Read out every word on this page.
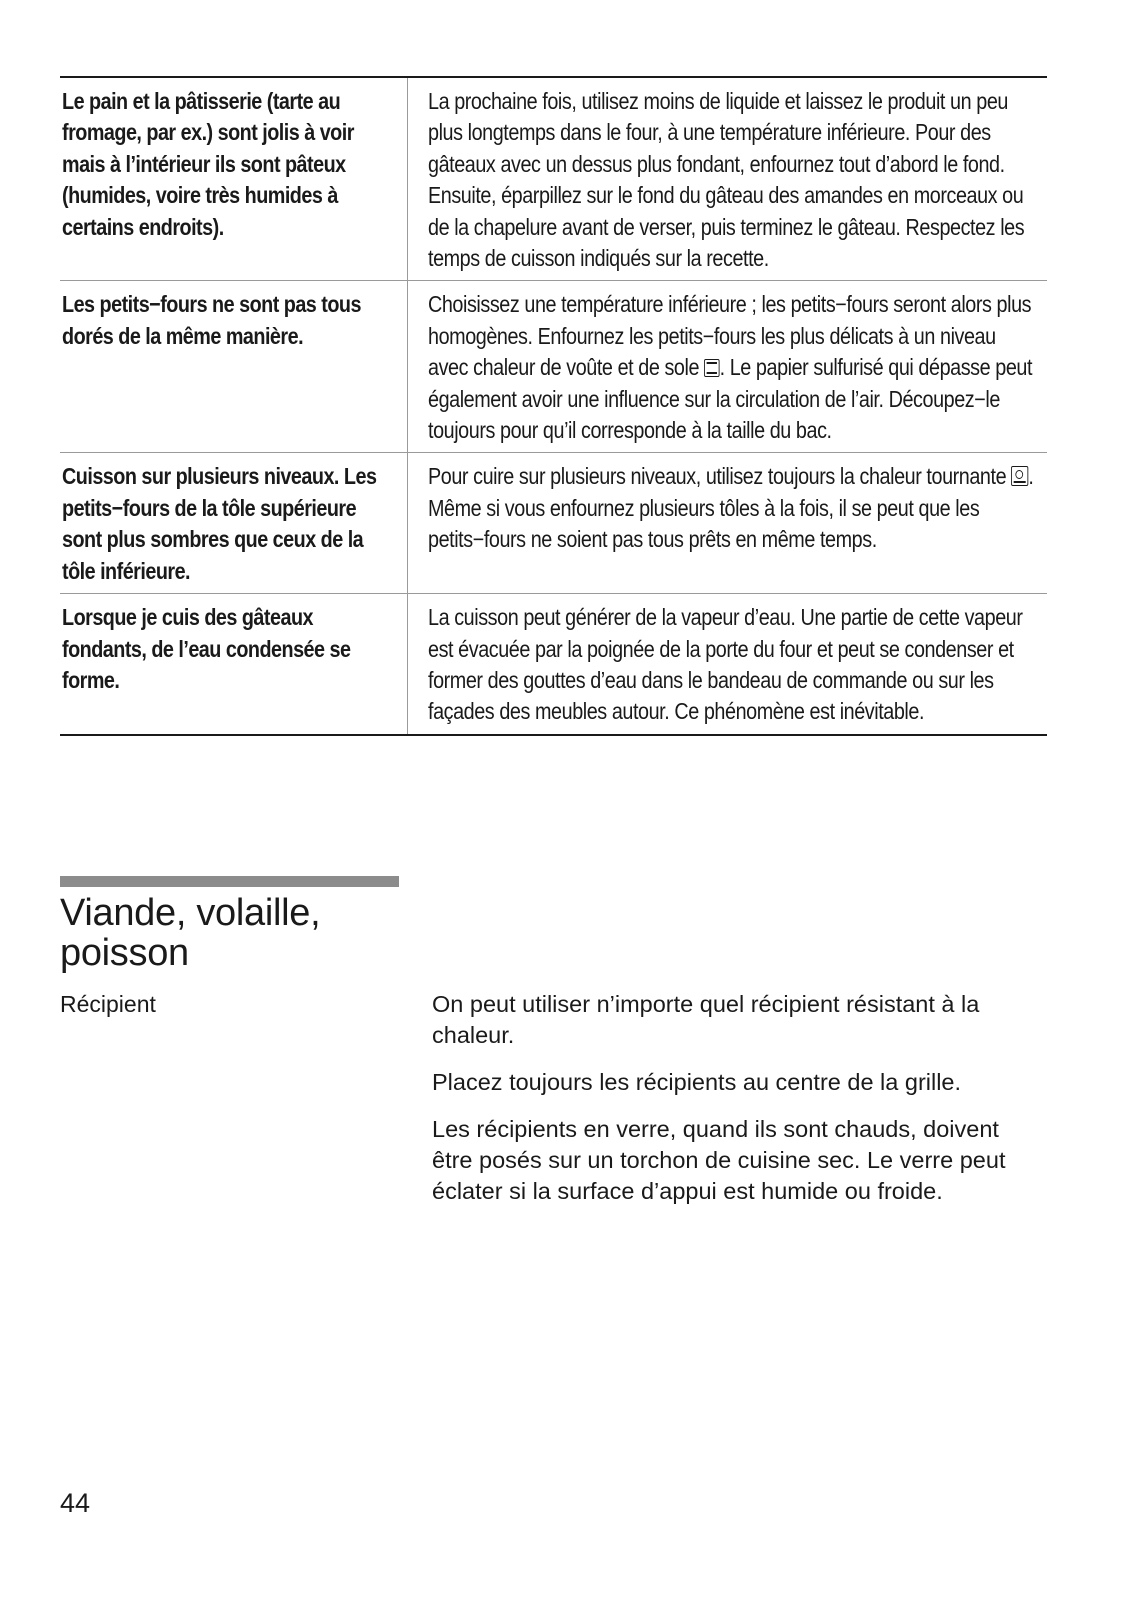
Le pain et la pâtisserie (tarte au fromage, par ex.) sont jolis à voir mais à l’intérieur ils sont pâteux (humides, voire très humides à certains endroits).
La prochaine fois, utilisez moins de liquide et laissez le produit un peu plus longtemps dans le four, à une température inférieure. Pour des gâteaux avec un dessus plus fondant, enfournez tout d’abord le fond. Ensuite, éparpillez sur le fond du gâteau des amandes en morceaux ou de la chapelure avant de verser, puis terminez le gâteau. Respectez les temps de cuisson indiqués sur la recette.
Les petits−fours ne sont pas tous dorés de la même manière.
Choisissez une température inférieure ; les petits−fours seront alors plus homogènes. Enfournez les petits−fours les plus délicats à un niveau avec chaleur de voûte et de sole . Le papier sulfurisé qui dépasse peut également avoir une influence sur la circulation de l’air. Découpez−le toujours pour qu’il corresponde à la taille du bac.
Cuisson sur plusieurs niveaux. Les petits−fours de la tôle supérieure sont plus sombres que ceux de la tôle inférieure.
Pour cuire sur plusieurs niveaux, utilisez toujours la chaleur tournante . Même si vous enfournez plusieurs tôles à la fois, il se peut que les petits−fours ne soient pas tous prêts en même temps.
Lorsque je cuis des gâteaux fondants, de l’eau condensée se forme.
La cuisson peut générer de la vapeur d’eau. Une partie de cette vapeur est évacuée par la poignée de la porte du four et peut se condenser et former des gouttes d’eau dans le bandeau de commande ou sur les façades des meubles autour. Ce phénomène est inévitable.
Viande, volaille,
poisson
Récipient	On peut utiliser n’importe quel récipient résistant à la chaleur.

Placez toujours les récipients au centre de la grille.

Les récipients en verre, quand ils sont chauds, doivent être posés sur un torchon de cuisine sec. Le verre peut éclater si la surface d’appui est humide ou froide.

44
